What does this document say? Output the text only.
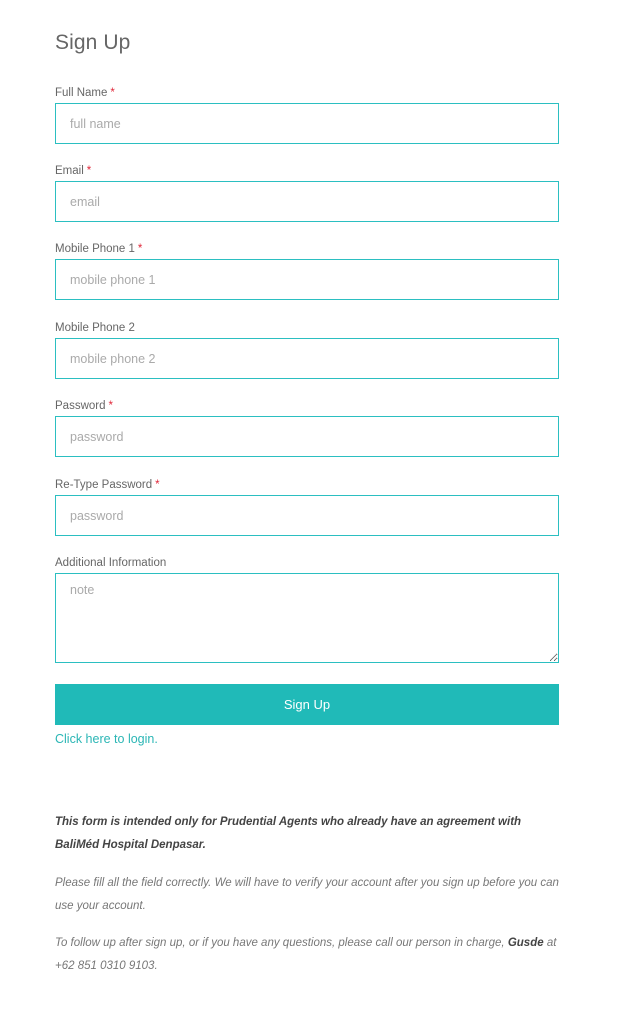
Sign Up
Full Name *
full name
Email *
email
Mobile Phone 1 *
mobile phone 1
Mobile Phone 2
mobile phone 2
Password *
Re-Type Password *
Additional Information
note
Sign Up
Click here to login.

This form is intended only for Prudential Agents who already have an agreement with BaliMéd Hospital Denpasar.

Please fill all the field correctly. We will have to verify your account after you sign up before you can use your account.

To follow up after sign up, or if you have any questions, please call our person in charge, Gusde at +62 851 0310 9103.
